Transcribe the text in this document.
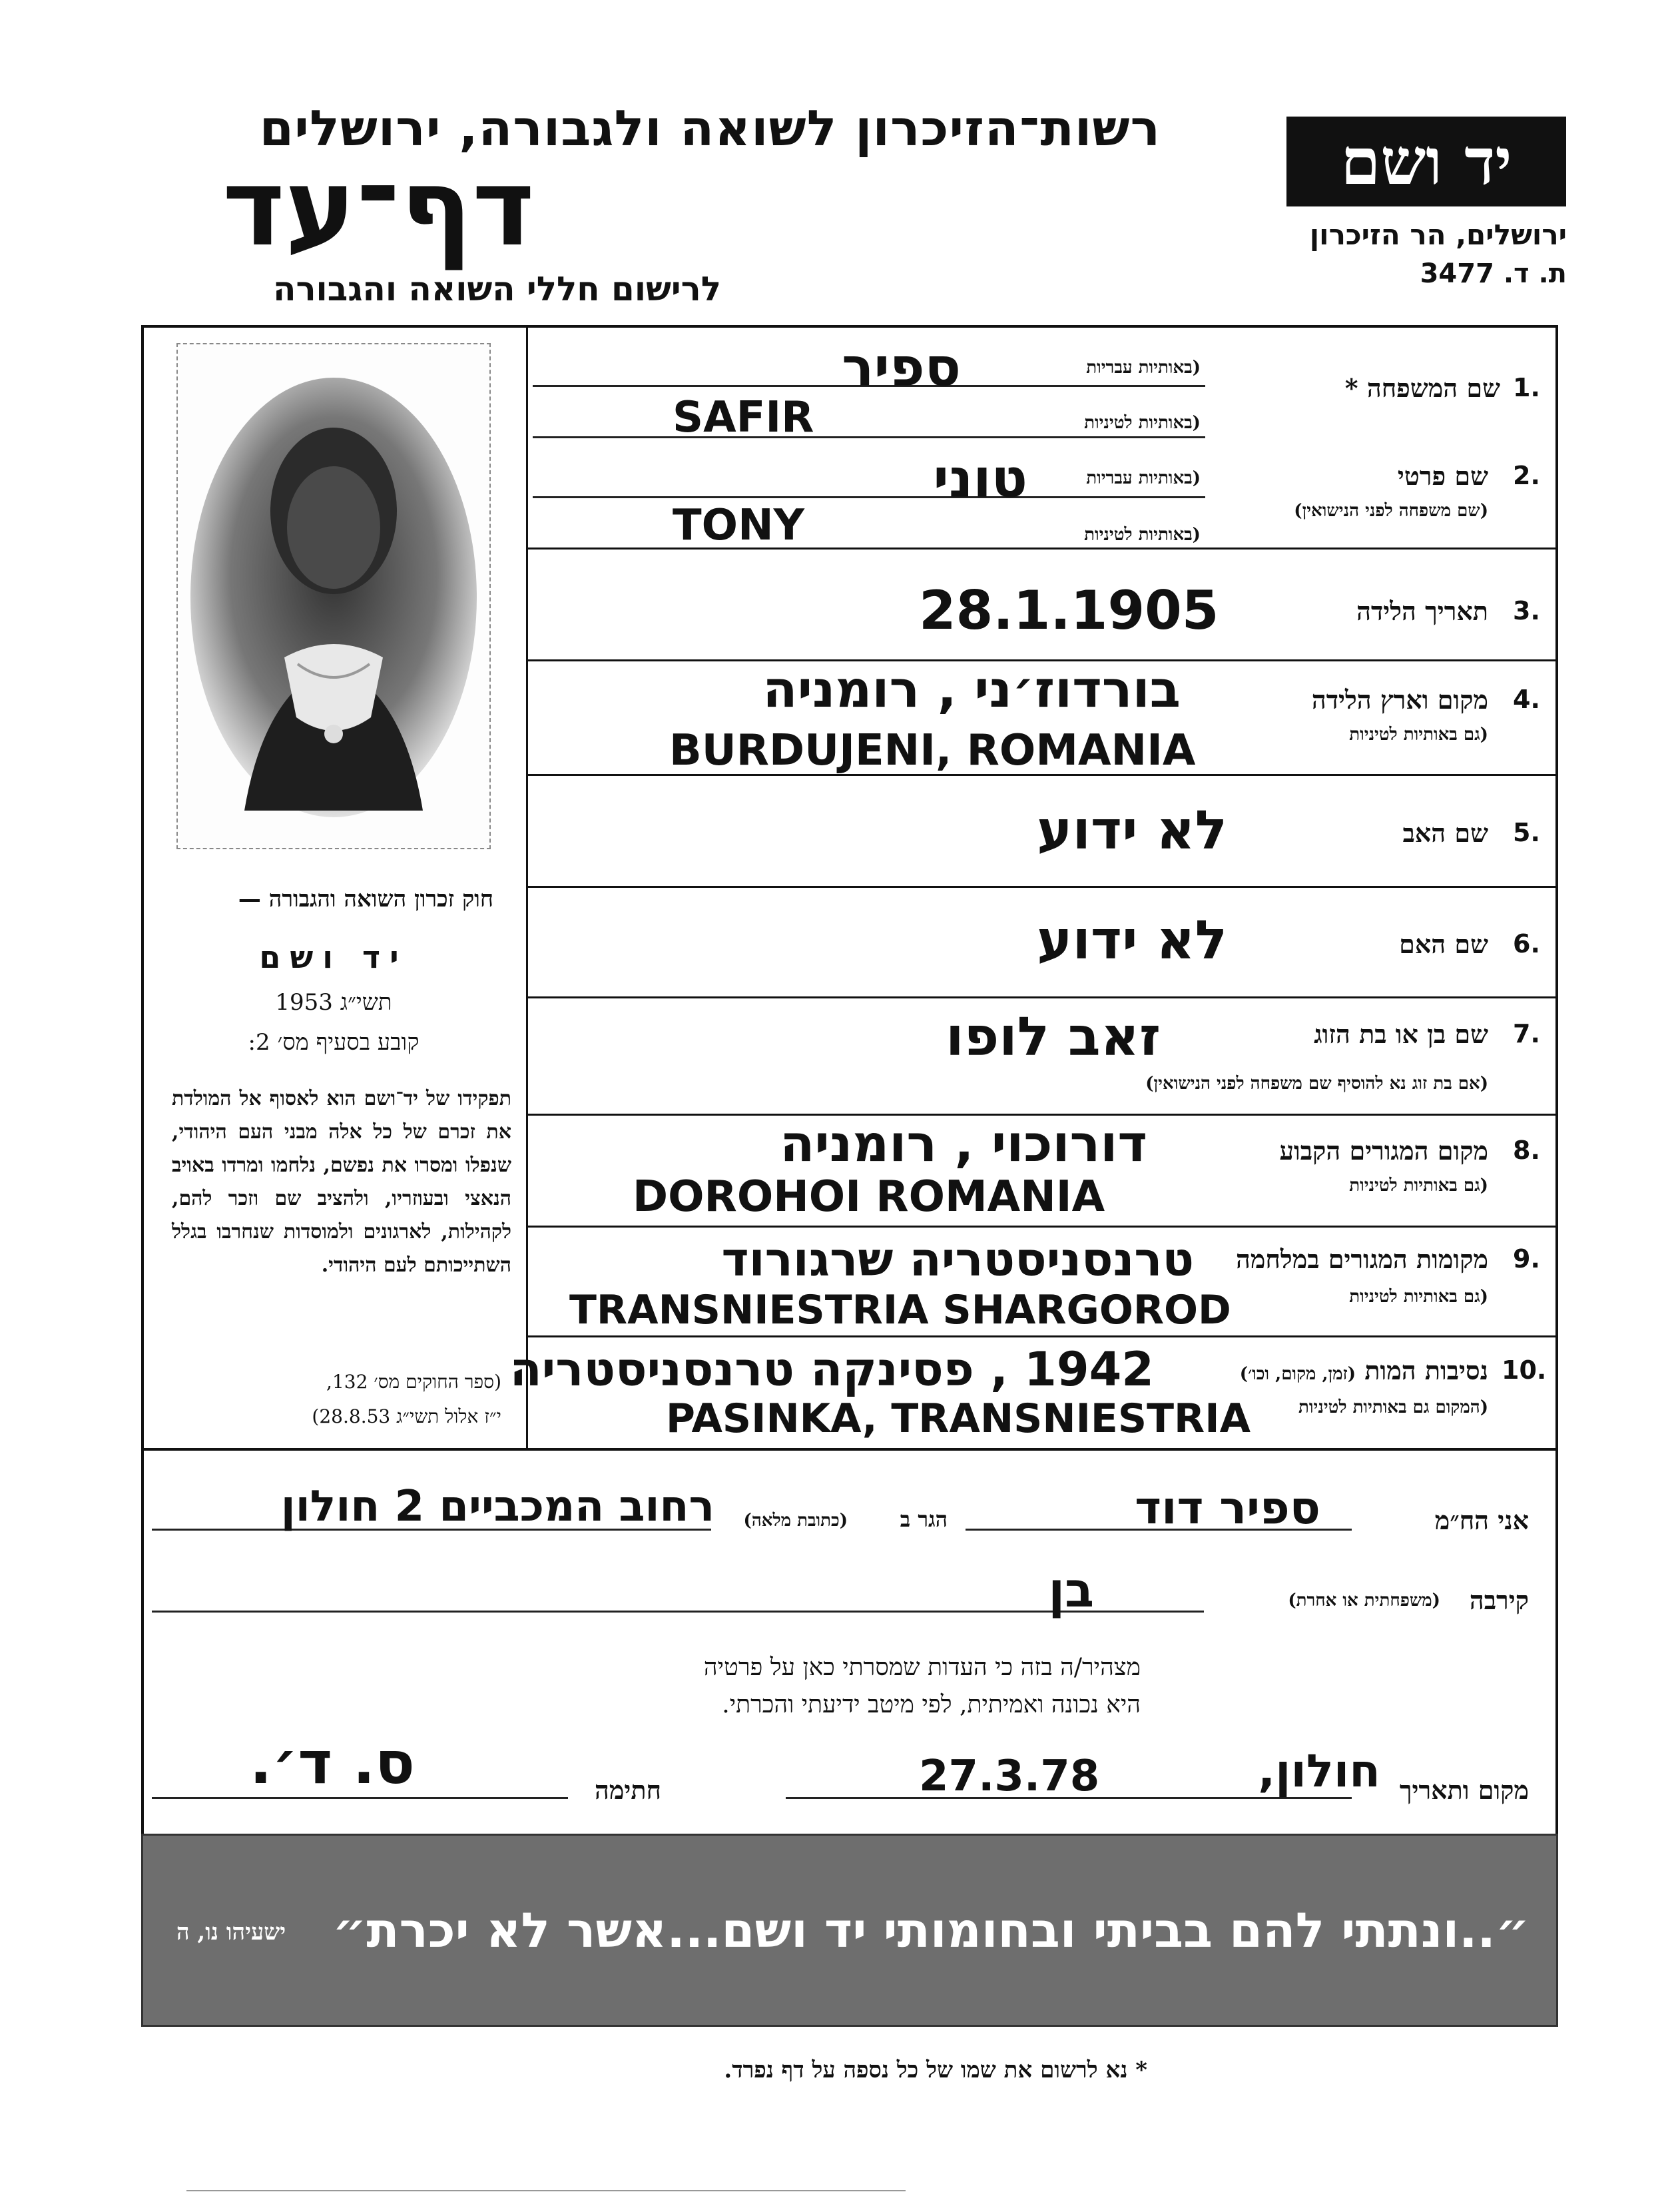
רשות־הזיכרון לשואה ולגבורה, ירושלים
דף־עד
לרישום חללי השואה והגבורה
יד ושם
ירושלים, הר הזיכרון
ת. ד. 3477
חוק זכרון השואה והגבורה —
יד ושם
תשי״ג 1953
קובע בסעיף מס׳ 2:
תפקידו של יד־ושם הוא לאסוף אל המולדת את זכרם של כל אלה מבני העם היהודי, שנפלו ומסרו את נפשם, נלחמו ומרדו באויב הנאצי ובעוזריו, ולהציב שם וזכר להם, לקהילות, לארגונים ולמוסדות שנחרבו בגלל השתייכותם לעם היהודי.
(ספר החוקים מס׳ 132,
י״ז אלול תשי״ג 28.8.53)
1.
שם המשפחה *
(באותיות עבריות
(באותיות לטיניות
ספיר
SAFIR
2.
שם פרטי
(שם משפחה לפני הנישואין)
(באותיות עבריות
(באותיות לטיניות
טוני
TONY
3.
תאריך הלידה
28.1.1905
4.
מקום וארץ הלידה
(גם באותיות לטיניות
בורדוז׳ני , רומניה
BURDUJENI, ROMANIA
5.
שם האב
לא ידוע
6.
שם האם
לא ידוע
7.
שם בן או בת הזוג
(אם בת זוג נא להוסיף שם משפחה לפני הנישואין)
זאב לופו
8.
מקום המגורים הקבוע
(גם באותיות לטיניות
דורוכוי , רומניה
DOROHOI ROMANIA
9.
מקומות המגורים במלחמה
(גם באותיות לטיניות
טרנסניסטריה שרגורוד
TRANSNIESTRIA SHARGOROD
10.
נסיבות המות (זמן, מקום, וכו׳)
(המקום גם באותיות לטיניות
1942 , פסינקה טרנסניסטריה
PASINKA, TRANSNIESTRIA
אני הח״מ
ספיר דוד
הגר ב
(כתובת מלאה)
רחוב המכביים 2 חולון
קירבה
(משפחתית או אחרת)
בן
מצהיר/ה בזה כי העדות שמסרתי כאן על פרטיה
היא נכונה ואמיתית, לפי מיטב ידיעתי והכרתי.
מקום ותאריך
חולון,
27.3.78
חתימה
ס. ד׳.
״..ונתתי להם בביתי ובחומותי יד ושם...אשר לא יכרת״
ישעיהו נו, ה
* נא לרשום את שמו של כל נספה על דף נפרד.
